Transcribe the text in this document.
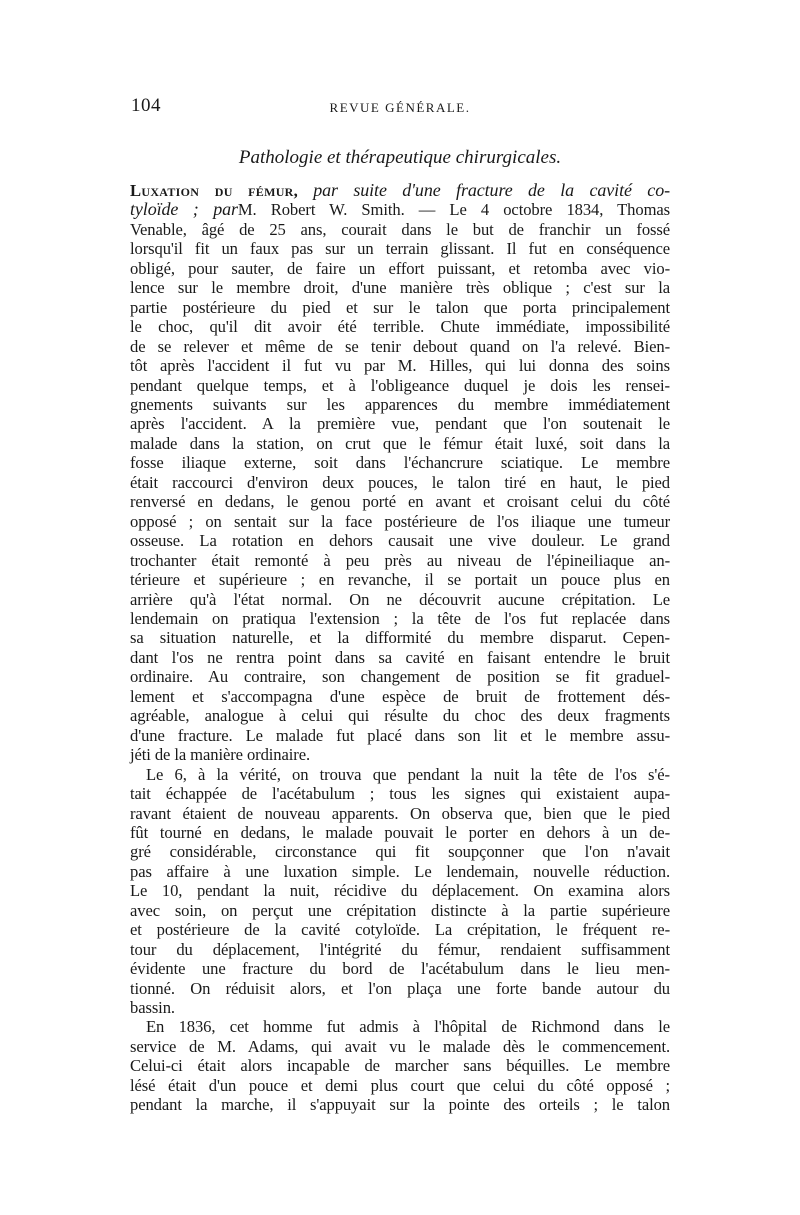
104	REVUE GÉNÉRALE.
Pathologie et thérapeutique chirurgicales.
Luxation du fémur, par suite d'une fracture de la cavité co-
tyloïde ; parM. Robert W. Smith. — Le 4 octobre 1834, Thomas
Venable, âgé de 25 ans, courait dans le but de franchir un fossé
lorsqu'il fit un faux pas sur un terrain glissant. Il fut en conséquence
obligé, pour sauter, de faire un effort puissant, et retomba avec vio-
lence sur le membre droit, d'une manière très oblique ; c'est sur la
partie postérieure du pied et sur le talon que porta principalement
le choc, qu'il dit avoir été terrible. Chute immédiate, impossibilité
de se relever et même de se tenir debout quand on l'a relevé. Bien-
tôt après l'accident il fut vu par M. Hilles, qui lui donna des soins
pendant quelque temps, et à l'obligeance duquel je dois les rensei-
gnements suivants sur les apparences du membre immédiatement
après l'accident. A la première vue, pendant que l'on soutenait le
malade dans la station, on crut que le fémur était luxé, soit dans la
fosse iliaque externe, soit dans l'échancrure sciatique. Le membre
était raccourci d'environ deux pouces, le talon tiré en haut, le pied
renversé en dedans, le genou porté en avant et croisant celui du côté
opposé ; on sentait sur la face postérieure de l'os iliaque une tumeur
osseuse. La rotation en dehors causait une vive douleur. Le grand
trochanter était remonté à peu près au niveau de l'épineiliaque an-
térieure et supérieure ; en revanche, il se portait un pouce plus en
arrière qu'à l'état normal. On ne découvrit aucune crépitation. Le
lendemain on pratiqua l'extension ; la tête de l'os fut replacée dans
sa situation naturelle, et la difformité du membre disparut. Cepen-
dant l'os ne rentra point dans sa cavité en faisant entendre le bruit
ordinaire. Au contraire, son changement de position se fit graduel-
lement et s'accompagna d'une espèce de bruit de frottement dés-
agréable, analogue à celui qui résulte du choc des deux fragments
d'une fracture. Le malade fut placé dans son lit et le membre assu-
jéti de la manière ordinaire.
Le 6, à la vérité, on trouva que pendant la nuit la tête de l'os s'é-
tait échappée de l'acétabulum ; tous les signes qui existaient aupa-
ravant étaient de nouveau apparents. On observa que, bien que le pied
fût tourné en dedans, le malade pouvait le porter en dehors à un de-
gré considérable, circonstance qui fit soupçonner que l'on n'avait
pas affaire à une luxation simple. Le lendemain, nouvelle réduction.
Le 10, pendant la nuit, récidive du déplacement. On examina alors
avec soin, on perçut une crépitation distincte à la partie supérieure
et postérieure de la cavité cotyloïde. La crépitation, le fréquent re-
tour du déplacement, l'intégrité du fémur, rendaient suffisamment
évidente une fracture du bord de l'acétabulum dans le lieu men-
tionné. On réduisit alors, et l'on plaça une forte bande autour du
bassin.
En 1836, cet homme fut admis à l'hôpital de Richmond dans le
service de M. Adams, qui avait vu le malade dès le commencement.
Celui-ci était alors incapable de marcher sans béquilles. Le membre
lésé était d'un pouce et demi plus court que celui du côté opposé ;
pendant la marche, il s'appuyait sur la pointe des orteils ; le talon
